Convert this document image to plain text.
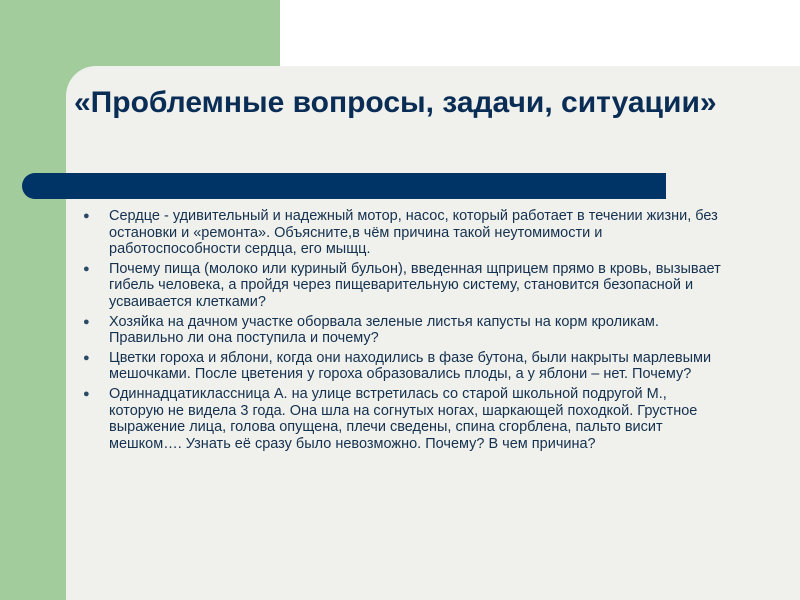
«Проблемные вопросы, задачи, ситуации»
● Сердце - удивительный и надежный мотор, насос, который работает в течении жизни, без остановки и «ремонта». Объясните,в чём причина такой неутомимости и работоспособности сердца, его мыщц.
● Почему пища (молоко или куриный бульон), введенная щприцем прямо в кровь, вызывает гибель человека, а пройдя через пищеварительную систему, становится безопасной и усваивается клетками?
● Хозяйка на дачном участке оборвала зеленые листья капусты на корм кроликам. Правильно ли она поступила и почему?
● Цветки гороха и яблони, когда они находились в фазе бутона, были накрыты марлевыми мешочками. После цветения у гороха образовались плоды, а у яблони – нет. Почему?
● Одиннадцатиклассница А. на улице встретилась со старой школьной подругой М., которую не видела 3 года. Она шла на согнутых ногах, шаркающей походкой. Грустное выражение лица, голова опущена, плечи сведены, спина сгорблена, пальто висит мешком…. Узнать её сразу было невозможно. Почему? В чем причина?
